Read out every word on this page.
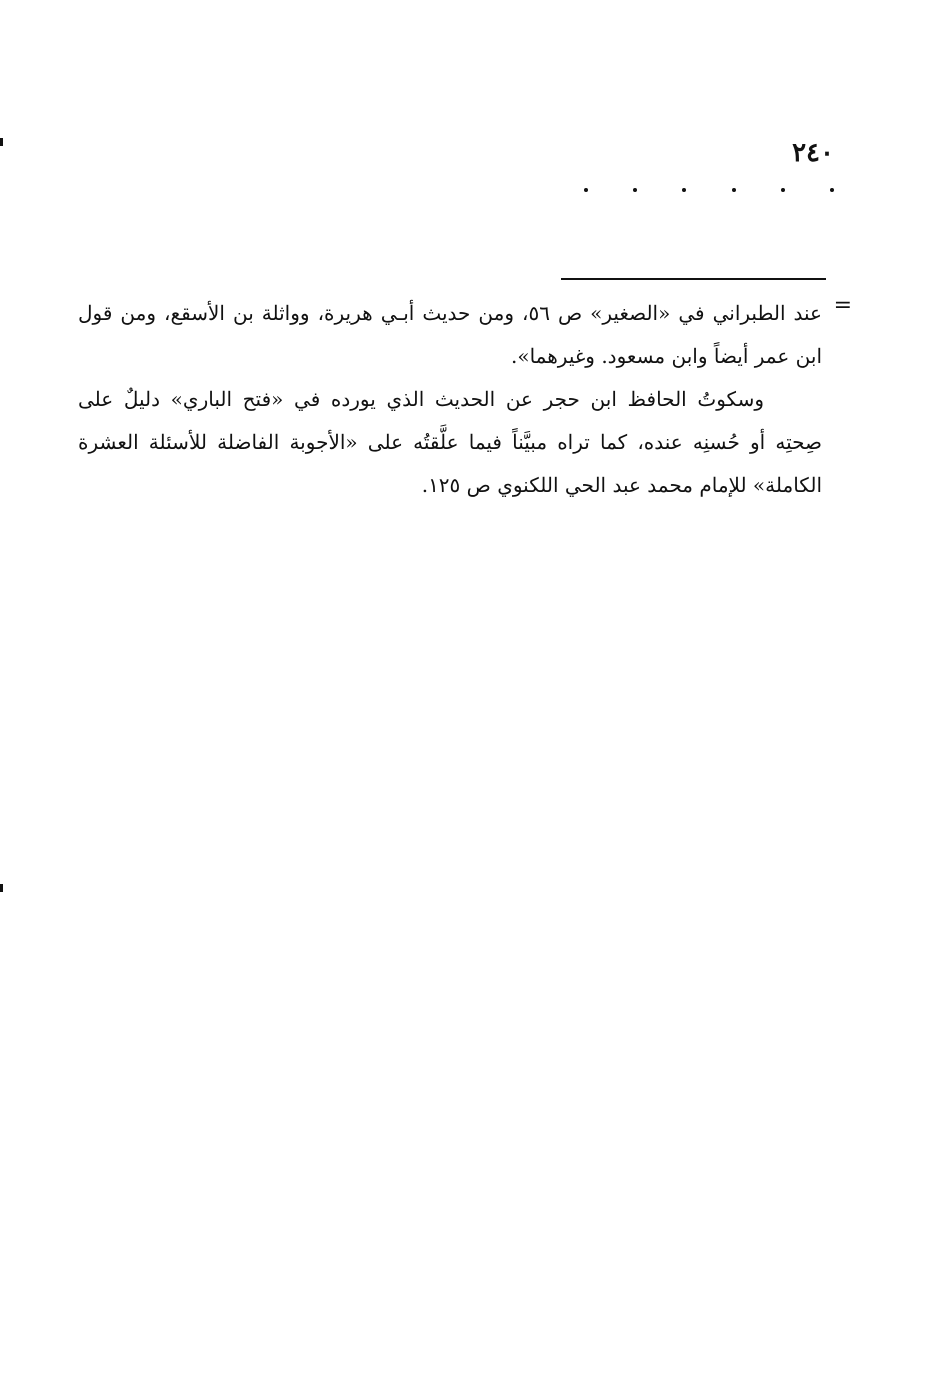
٢٤٠
=

عند الطبراني في «الصغير» ص ٥٦، ومن حديث أبـي هريرة، وواثلة بن الأسقع، ومن قول ابن عمر أيضاً وابن مسعود. وغيرهما».

وسكوتُ الحافظ ابن حجر عن الحديث الذي يورده في «فتح الباري» دليلٌ على صِحتِه أو حُسنِه عنده، كما تراه مبيَّناً فيما علَّقتُه على «الأجوبة الفاضلة للأسئلة العشرة الكاملة» للإمام محمد عبد الحي اللكنوي ص ١٢٥.
